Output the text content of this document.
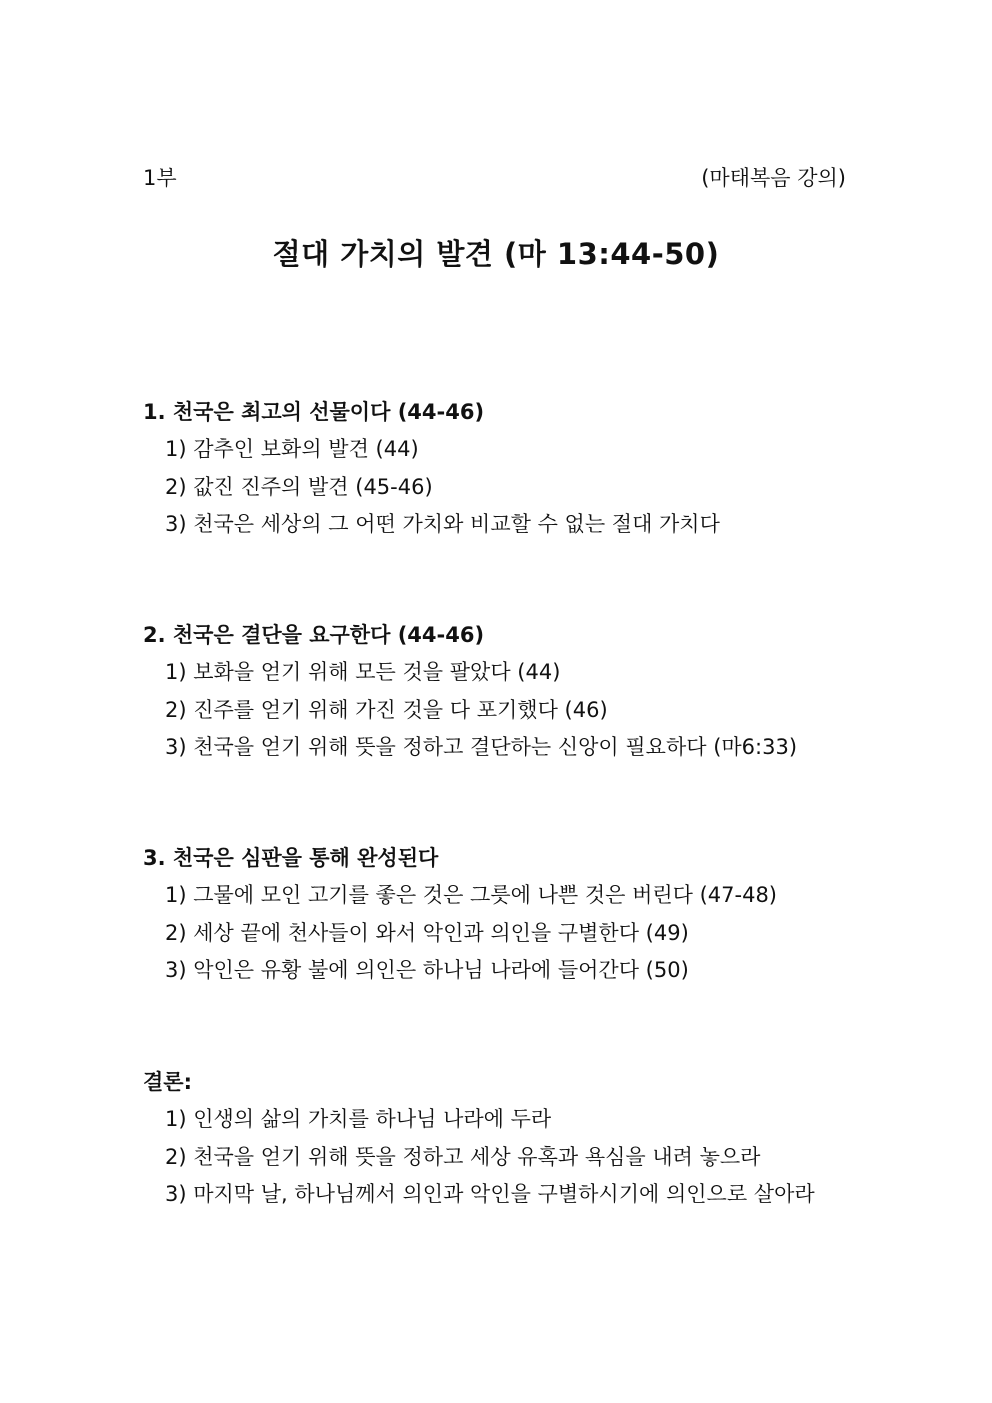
1부	(마태복음 강의)
절대 가치의 발견 (마 13:44-50)
1. 천국은 최고의 선물이다 (44-46)
1) 감추인 보화의 발견 (44)
2) 값진 진주의 발견 (45-46)
3) 천국은 세상의 그 어떤 가치와 비교할 수 없는 절대 가치다
2. 천국은 결단을 요구한다 (44-46)
1) 보화을 얻기 위해 모든 것을 팔았다 (44)
2) 진주를 얻기 위해 가진 것을 다 포기했다 (46)
3) 천국을 얻기 위해 뜻을 정하고 결단하는 신앙이 필요하다 (마6:33)
3. 천국은 심판을 통해 완성된다
1) 그물에 모인 고기를 좋은 것은 그릇에 나쁜 것은 버린다 (47-48)
2) 세상 끝에 천사들이 와서 악인과 의인을 구별한다 (49)
3) 악인은 유황 불에 의인은 하나님 나라에 들어간다 (50)
결론:
1) 인생의 삶의 가치를 하나님 나라에 두라
2) 천국을 얻기 위해 뜻을 정하고 세상 유혹과 욕심을 내려 놓으라
3) 마지막 날, 하나님께서 의인과 악인을 구별하시기에 의인으로 살아라
